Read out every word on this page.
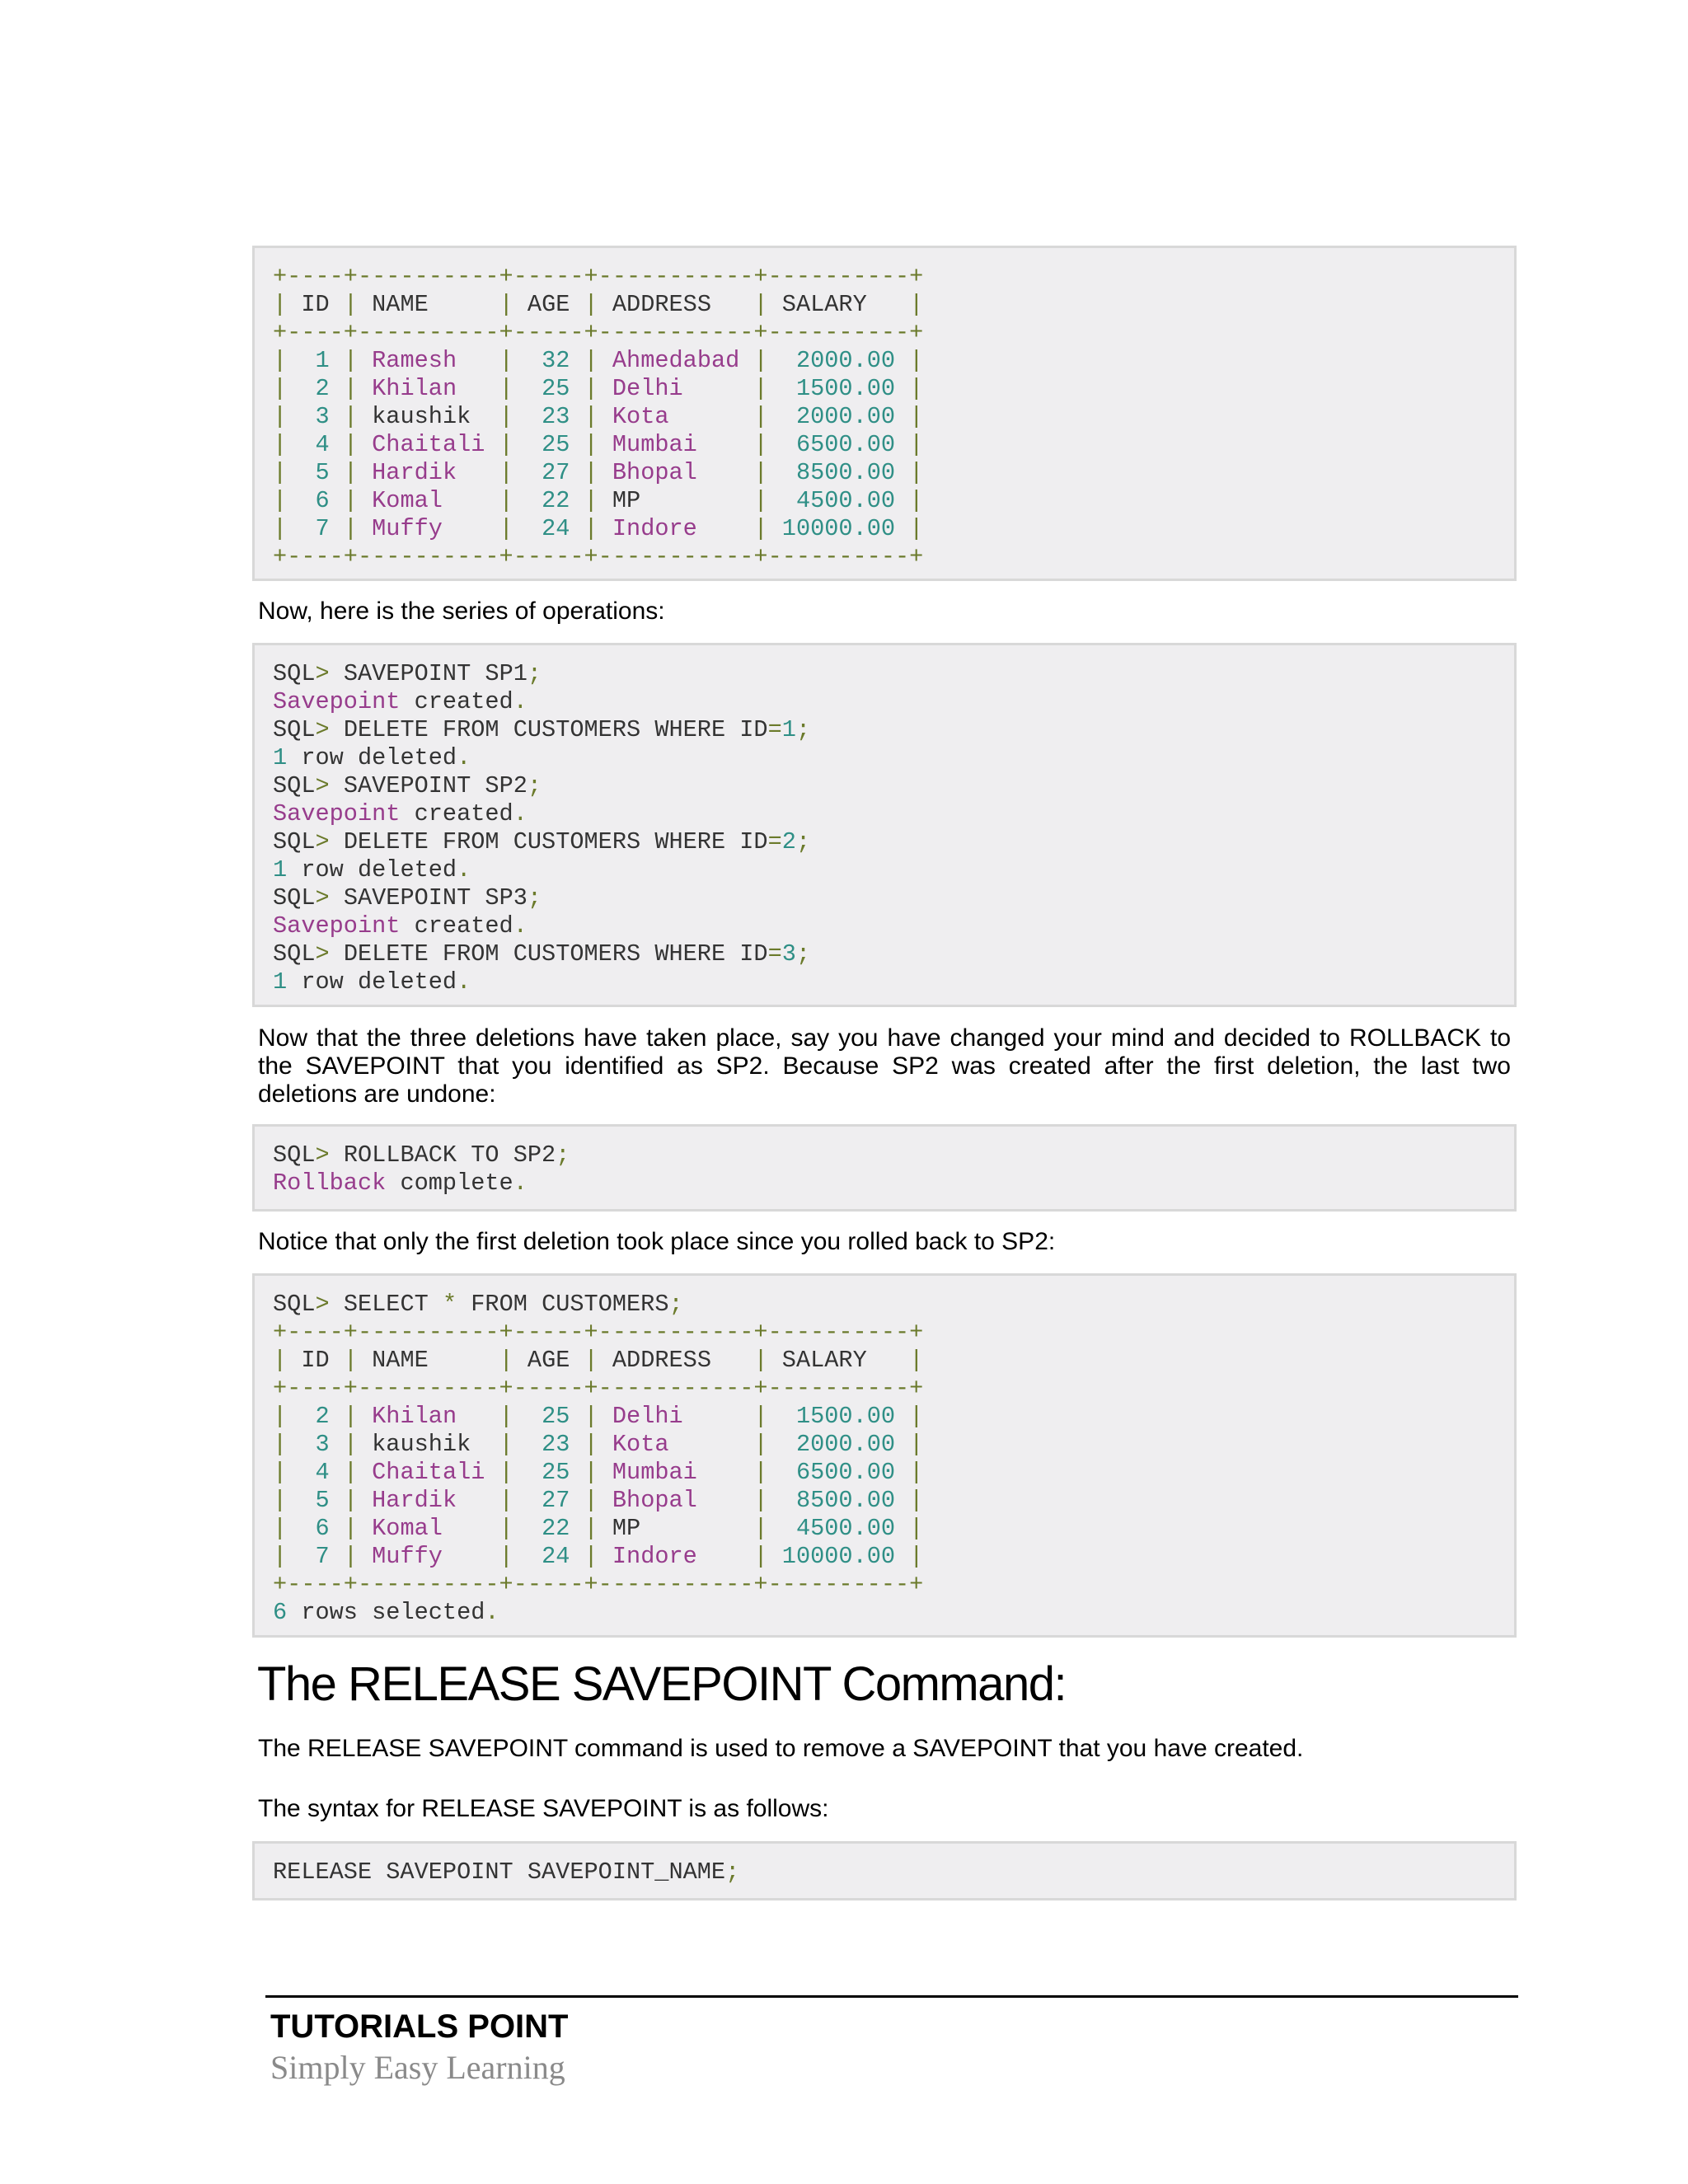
+----+----------+-----+-----------+----------+
| ID | NAME     | AGE | ADDRESS   | SALARY   |
+----+----------+-----+-----------+----------+
|  1 | Ramesh   |  32 | Ahmedabad |  2000.00 |
|  2 | Khilan   |  25 | Delhi     |  1500.00 |
|  3 | kaushik  |  23 | Kota      |  2000.00 |
|  4 | Chaitali |  25 | Mumbai    |  6500.00 |
|  5 | Hardik   |  27 | Bhopal    |  8500.00 |
|  6 | Komal    |  22 | MP        |  4500.00 |
|  7 | Muffy    |  24 | Indore    | 10000.00 |
+----+----------+-----+-----------+----------+

Now, here is the series of operations:

SQL> SAVEPOINT SP1;
Savepoint created.
SQL> DELETE FROM CUSTOMERS WHERE ID=1;
1 row deleted.
SQL> SAVEPOINT SP2;
Savepoint created.
SQL> DELETE FROM CUSTOMERS WHERE ID=2;
1 row deleted.
SQL> SAVEPOINT SP3;
Savepoint created.
SQL> DELETE FROM CUSTOMERS WHERE ID=3;
1 row deleted.

Now that the three deletions have taken place, say you have changed your mind and decided to ROLLBACK to the SAVEPOINT that you identified as SP2. Because SP2 was created after the first deletion, the last two deletions are undone:

SQL> ROLLBACK TO SP2;
Rollback complete.

Notice that only the first deletion took place since you rolled back to SP2:

SQL> SELECT * FROM CUSTOMERS;
+----+----------+-----+-----------+----------+
| ID | NAME     | AGE | ADDRESS   | SALARY   |
+----+----------+-----+-----------+----------+
|  2 | Khilan   |  25 | Delhi     |  1500.00 |
|  3 | kaushik  |  23 | Kota      |  2000.00 |
|  4 | Chaitali |  25 | Mumbai    |  6500.00 |
|  5 | Hardik   |  27 | Bhopal    |  8500.00 |
|  6 | Komal    |  22 | MP        |  4500.00 |
|  7 | Muffy    |  24 | Indore    | 10000.00 |
+----+----------+-----+-----------+----------+
6 rows selected.
The RELEASE SAVEPOINT Command:

The RELEASE SAVEPOINT command is used to remove a SAVEPOINT that you have created.

The syntax for RELEASE SAVEPOINT is as follows:

RELEASE SAVEPOINT SAVEPOINT_NAME;
TUTORIALS POINT
Simply Easy Learning
